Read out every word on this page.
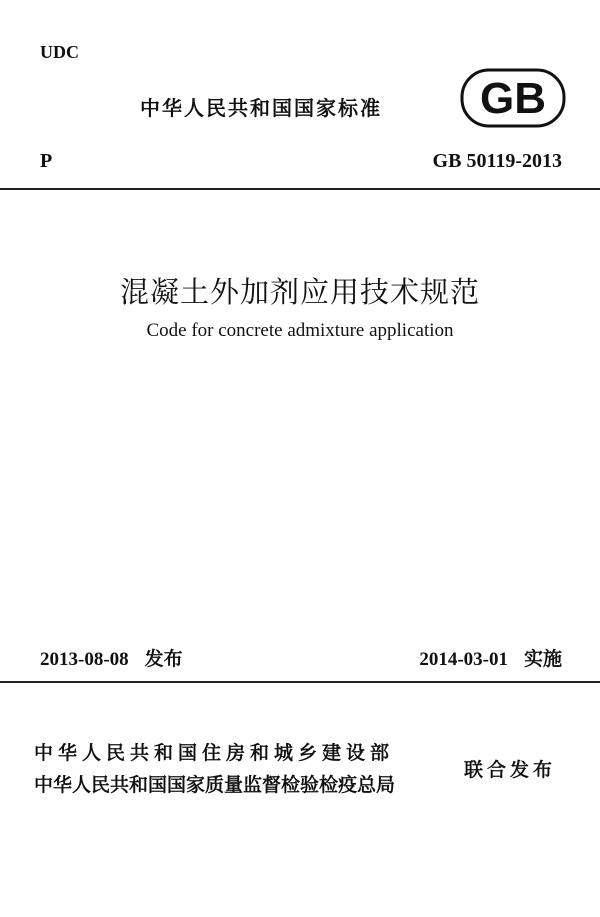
UDC
中华人民共和国国家标准 GB
P	GB 50119-2013
混凝土外加剂应用技术规范
Code for concrete admixture application
2013-08-08 发布	2014-03-01 实施
中华人民共和国住房和城乡建设部
中华人民共和国国家质量监督检验检疫总局
联合发布
